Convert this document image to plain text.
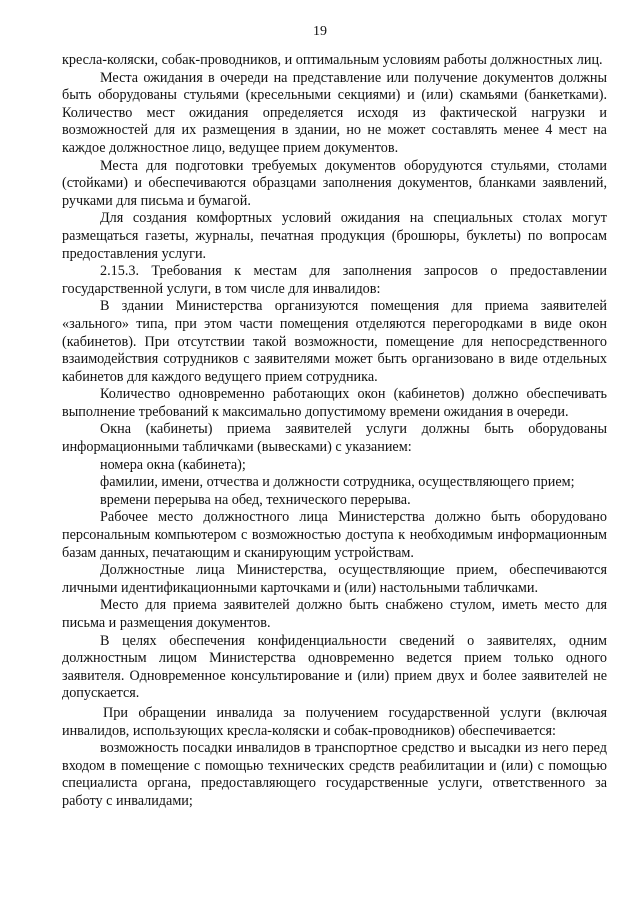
19

кресла-коляски, собак-проводников, и оптимальным условиям работы должностных лиц.

Места ожидания в очереди на представление или получение документов должны быть оборудованы стульями (кресельными секциями) и (или) скамьями (банкетками). Количество мест ожидания определяется исходя из фактической нагрузки и возможностей для их размещения в здании, но не может составлять менее 4 мест на каждое должностное лицо, ведущее прием документов.

Места для подготовки требуемых документов оборудуются стульями, столами (стойками) и обеспечиваются образцами заполнения документов, бланками заявлений, ручками для письма и бумагой.

Для создания комфортных условий ожидания на специальных столах могут размещаться газеты, журналы, печатная продукция (брошюры, буклеты) по вопросам предоставления услуги.

2.15.3. Требования к местам для заполнения запросов о предоставлении государственной услуги, в том числе для инвалидов:

В здании Министерства организуются помещения для приема заявителей «зального» типа, при этом части помещения отделяются перегородками в виде окон (кабинетов). При отсутствии такой возможности, помещение для непосредственного взаимодействия сотрудников с заявителями может быть организовано в виде отдельных кабинетов для каждого ведущего прием сотрудника.

Количество одновременно работающих окон (кабинетов) должно обеспечивать выполнение требований к максимально допустимому времени ожидания в очереди.

Окна (кабинеты) приема заявителей услуги должны быть оборудованы информационными табличками (вывесками) с указанием:

номера окна (кабинета);

фамилии, имени, отчества и должности сотрудника, осуществляющего прием;

времени перерыва на обед, технического перерыва.

Рабочее место должностного лица Министерства должно быть оборудовано персональным компьютером с возможностью доступа к необходимым информационным базам данных, печатающим и сканирующим устройствам.

Должностные лица Министерства, осуществляющие прием, обеспечиваются личными идентификационными карточками и (или) настольными табличками.

Место для приема заявителей должно быть снабжено стулом, иметь место для письма и размещения документов.

В целях обеспечения конфиденциальности сведений о заявителях, одним должностным лицом Министерства одновременно ведется прием только одного заявителя. Одновременное консультирование и (или) прием двух и более заявителей не допускается.

При обращении инвалида за получением государственной услуги (включая инвалидов, использующих кресла-коляски и собак-проводников) обеспечивается:

возможность посадки инвалидов в транспортное средство и высадки из него перед входом в помещение с помощью технических средств реабилитации и (или) с помощью специалиста органа, предоставляющего государственные услуги, ответственного за работу с инвалидами;
